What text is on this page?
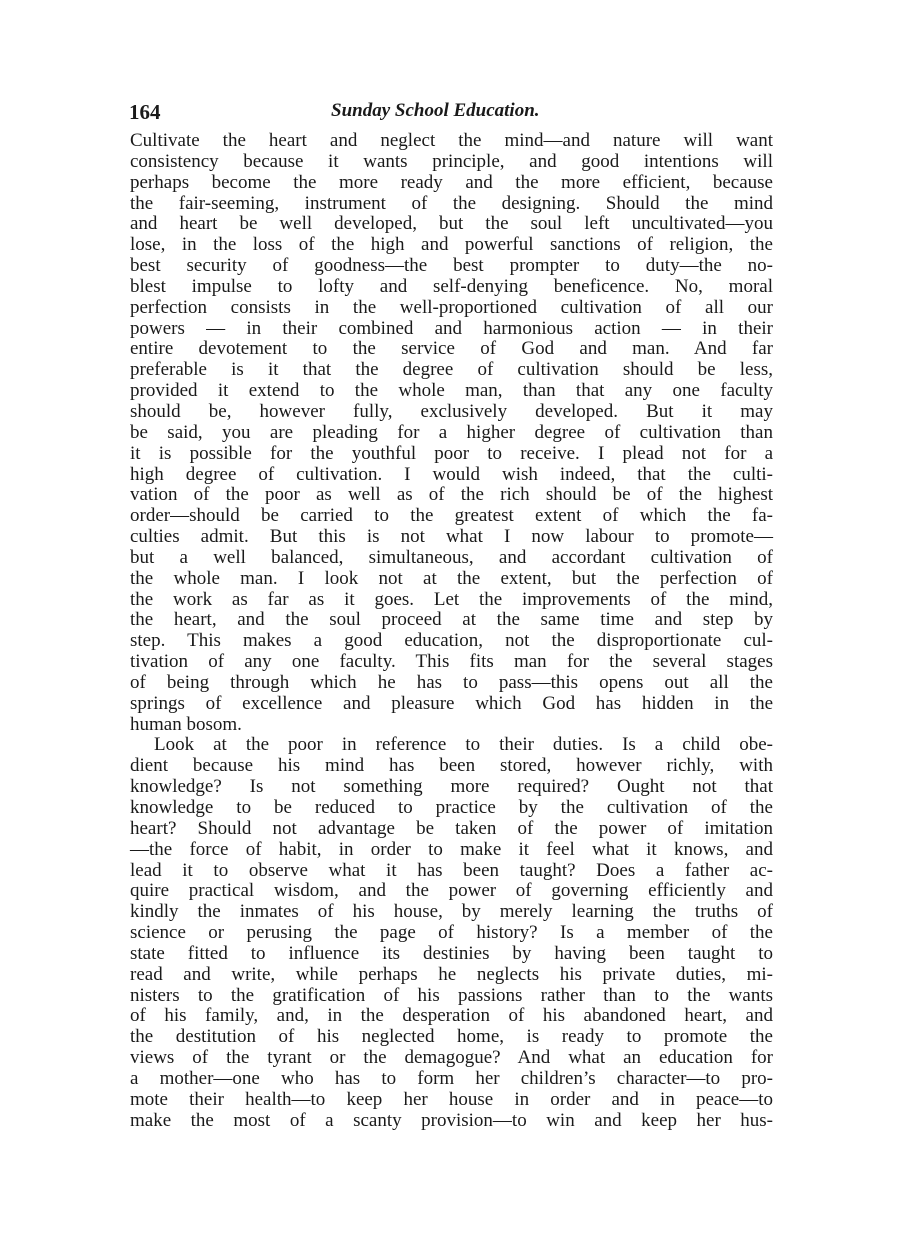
164	Sunday School Education.
Cultivate the heart and neglect the mind—and nature will want
consistency because it wants principle, and good intentions will
perhaps become the more ready and the more efficient, because
the fair-seeming, instrument of the designing. Should the mind
and heart be well developed, but the soul left uncultivated—you
lose, in the loss of the high and powerful sanctions of religion, the
best security of goodness—the best prompter to duty—the no-
blest impulse to lofty and self-denying beneficence. No, moral
perfection consists in the well-proportioned cultivation of all our
powers — in their combined and harmonious action — in their
entire devotement to the service of God and man. And far
preferable is it that the degree of cultivation should be less,
provided it extend to the whole man, than that any one faculty
should be, however fully, exclusively developed. But it may
be said, you are pleading for a higher degree of cultivation than
it is possible for the youthful poor to receive. I plead not for a
high degree of cultivation. I would wish indeed, that the culti-
vation of the poor as well as of the rich should be of the highest
order—should be carried to the greatest extent of which the fa-
culties admit. But this is not what I now labour to promote—
but a well balanced, simultaneous, and accordant cultivation of
the whole man. I look not at the extent, but the perfection of
the work as far as it goes. Let the improvements of the mind,
the heart, and the soul proceed at the same time and step by
step. This makes a good education, not the disproportionate cul-
tivation of any one faculty. This fits man for the several stages
of being through which he has to pass—this opens out all the
springs of excellence and pleasure which God has hidden in the
human bosom.
Look at the poor in reference to their duties. Is a child obe-
dient because his mind has been stored, however richly, with
knowledge? Is not something more required? Ought not that
knowledge to be reduced to practice by the cultivation of the
heart? Should not advantage be taken of the power of imitation
—the force of habit, in order to make it feel what it knows, and
lead it to observe what it has been taught? Does a father ac-
quire practical wisdom, and the power of governing efficiently and
kindly the inmates of his house, by merely learning the truths of
science or perusing the page of history? Is a member of the
state fitted to influence its destinies by having been taught to
read and write, while perhaps he neglects his private duties, mi-
nisters to the gratification of his passions rather than to the wants
of his family, and, in the desperation of his abandoned heart, and
the destitution of his neglected home, is ready to promote the
views of the tyrant or the demagogue? And what an education for
a mother—one who has to form her children’s character—to pro-
mote their health—to keep her house in order and in peace—to
make the most of a scanty provision—to win and keep her hus-
